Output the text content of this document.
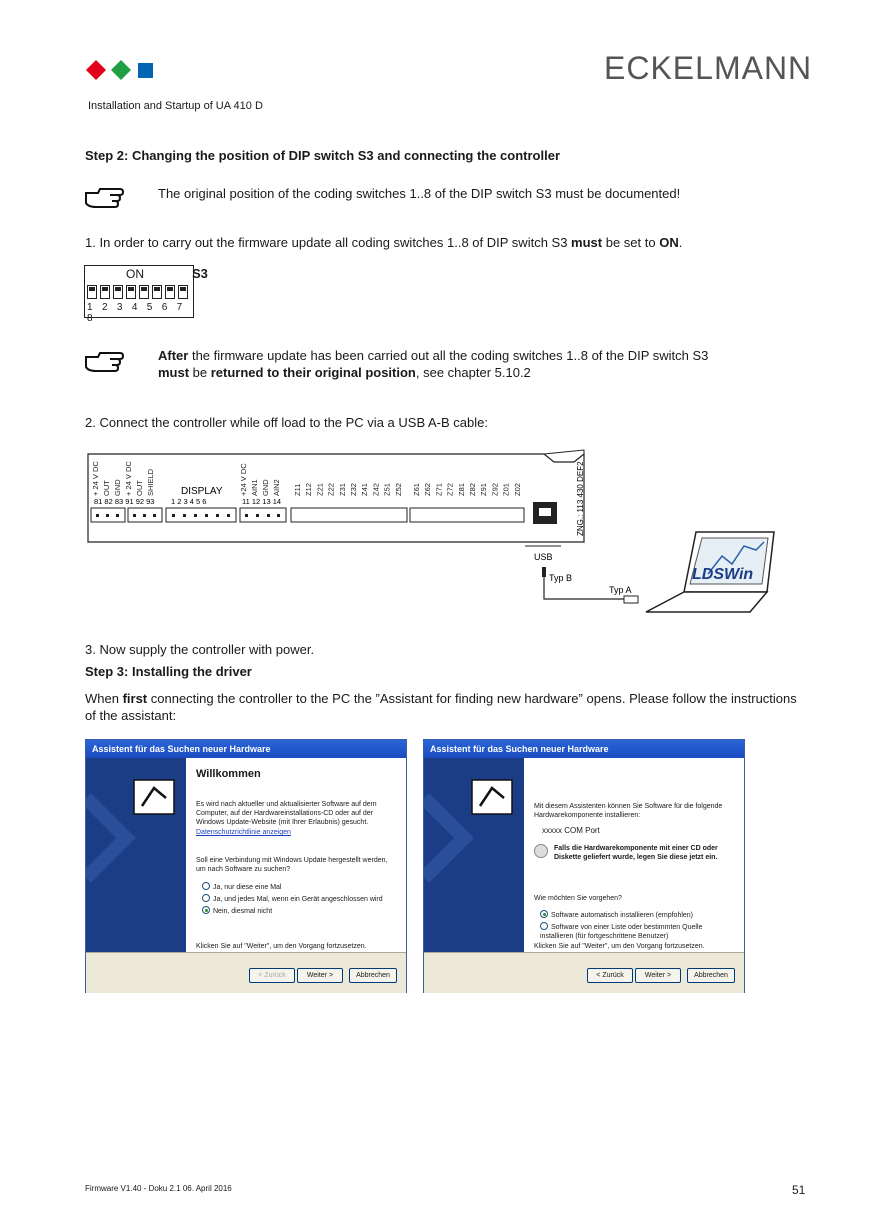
ECKELMANN
Installation and Startup of UA 410 D
Step 2: Changing the position of DIP switch S3 and connecting the controller
The original position of the coding switches 1..8 of the DIP switch S3 must be documented!
1. In order to carry out the firmware update all coding switches 1..8 of DIP switch S3 must be set to ON.
ON
1 2 3 4 5 6 7 8
S3
After the firmware update has been carried out all the coding switches 1..8 of the DIP switch S3
must be returned to their original position, see chapter 5.10.2
2. Connect the controller while off load to the PC via a USB A-B cable:
+ 24 V DC OUT GND + 24 V DC OUT SHIELD	+24 V DC AIN1 GND AIN2 Z11 Z12 Z21 Z22 Z31 Z32 Z41 Z42 Z51 Z52 Z61 Z62 Z71 Z72 Z81 Z82 Z91 Z92 Z01 Z02
DISPLAY
81 82 83 91 92 93 1 2 3 4 5 6	11 12 13 14	ZNG.: 113 430 DEF2
USB
Typ B
Typ A
LDSWin
3. Now supply the controller with power.
Step 3: Installing the driver
When first connecting the controller to the PC the ”Assistant for finding new hardware” opens. Please follow the instructions of the assistant:
Assistent für das Suchen neuer Hardware
Willkommen
Es wird nach aktueller und aktualisierter Software auf dem Computer, auf der Hardwareinstallations-CD oder auf der Windows Update-Website (mit Ihrer Erlaubnis) gesucht.
Datenschutzrichtlinie anzeigen
Soll eine Verbindung mit Windows Update hergestellt werden, um nach Software zu suchen?
Ja, nur diese eine Mal
Ja, und jedes Mal, wenn ein Gerät angeschlossen wird
Nein, diesmal nicht
Klicken Sie auf "Weiter", um den Vorgang fortzusetzen.
< Zurück	Weiter >	Abbrechen
Assistent für das Suchen neuer Hardware
Mit diesem Assistenten können Sie Software für die folgende Hardwarekomponente installieren:
xxxxx COM Port
Falls die Hardwarekomponente mit einer CD oder Diskette geliefert wurde, legen Sie diese jetzt ein.
Wie möchten Sie vorgehen?
Software automatisch installieren (empfohlen)
Software von einer Liste oder bestimmten Quelle installieren (für fortgeschrittene Benutzer)
Klicken Sie auf "Weiter", um den Vorgang fortzusetzen.
< Zurück	Weiter >	Abbrechen
Firmware V1.40 - Doku 2.1 06. April 2016	51
